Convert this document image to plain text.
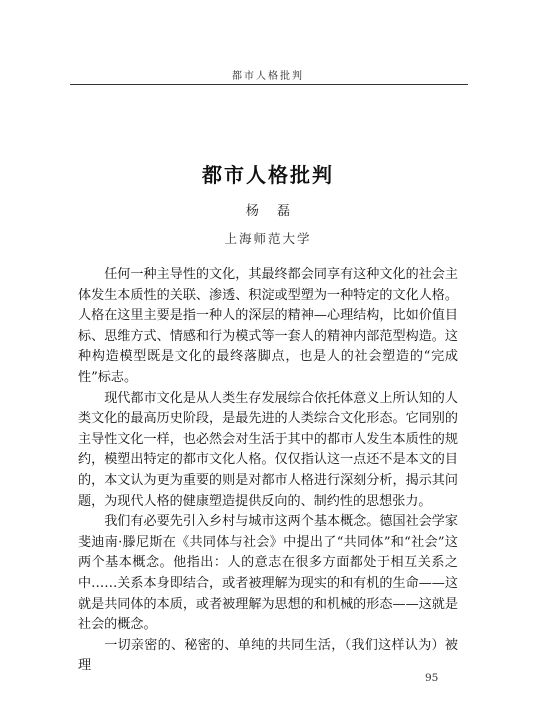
都市人格批判
都市人格批判
杨 磊
上海师范大学

任何一种主导性的文化，其最终都会同享有这种文化的社会主体发生本质性的关联、渗透、积淀或型塑为一种特定的文化人格。人格在这里主要是指一种人的深层的精神—心理结构，比如价值目标、思维方式、情感和行为模式等一套人的精神内部范型构造。这种构造模型既是文化的最终落脚点，也是人的社会塑造的“完成性”标志。

现代都市文化是从人类生存发展综合依托体意义上所认知的人类文化的最高历史阶段，是最先进的人类综合文化形态。它同别的主导性文化一样，也必然会对生活于其中的都市人发生本质性的规约，模塑出特定的都市文化人格。仅仅指认这一点还不是本文的目的，本文认为更为重要的则是对都市人格进行深刻分析，揭示其问题，为现代人格的健康塑造提供反向的、制约性的思想张力。

我们有必要先引入乡村与城市这两个基本概念。德国社会学家斐迪南·滕尼斯在《共同体与社会》中提出了“共同体”和“社会”这两个基本概念。他指出：人的意志在很多方面都处于相互关系之中……关系本身即结合，或者被理解为现实的和有机的生命——这就是共同体的本质，或者被理解为思想的和机械的形态——这就是社会的概念。

一切亲密的、秘密的、单纯的共同生活，（我们这样认为）被理

95
